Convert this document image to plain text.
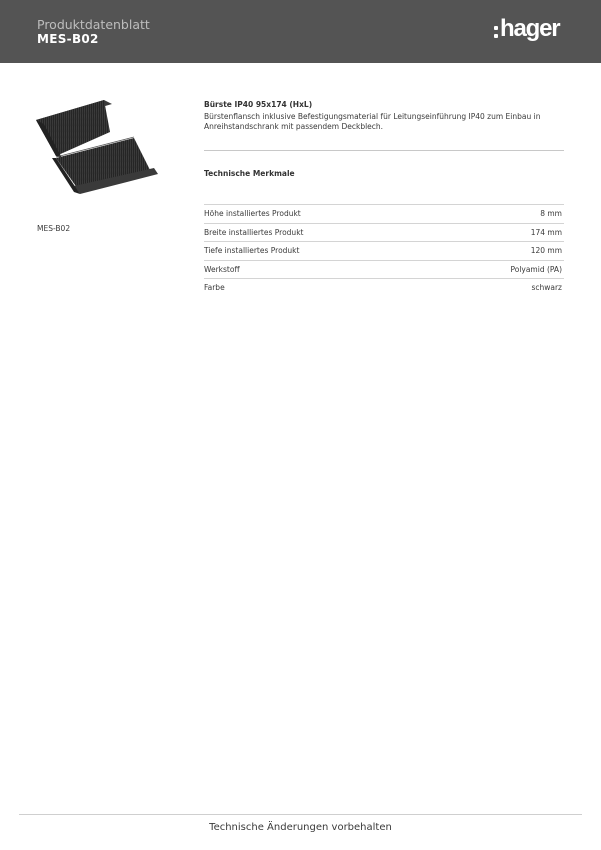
Produktdatenblatt
MES-B02	hager
MES-B02
Bürste IP40 95x174 (HxL)
Bürstenflansch inklusive Befestigungsmaterial für Leitungseinführung IP40 zum Einbau in Anreihstandschrank mit passendem Deckblech.
Technische Merkmale
Höhe installiertes Produkt	8 mm
Breite installiertes Produkt	174 mm
Tiefe installiertes Produkt	120 mm
Werkstoff	Polyamid (PA)
Farbe	schwarz
Technische Änderungen vorbehalten
